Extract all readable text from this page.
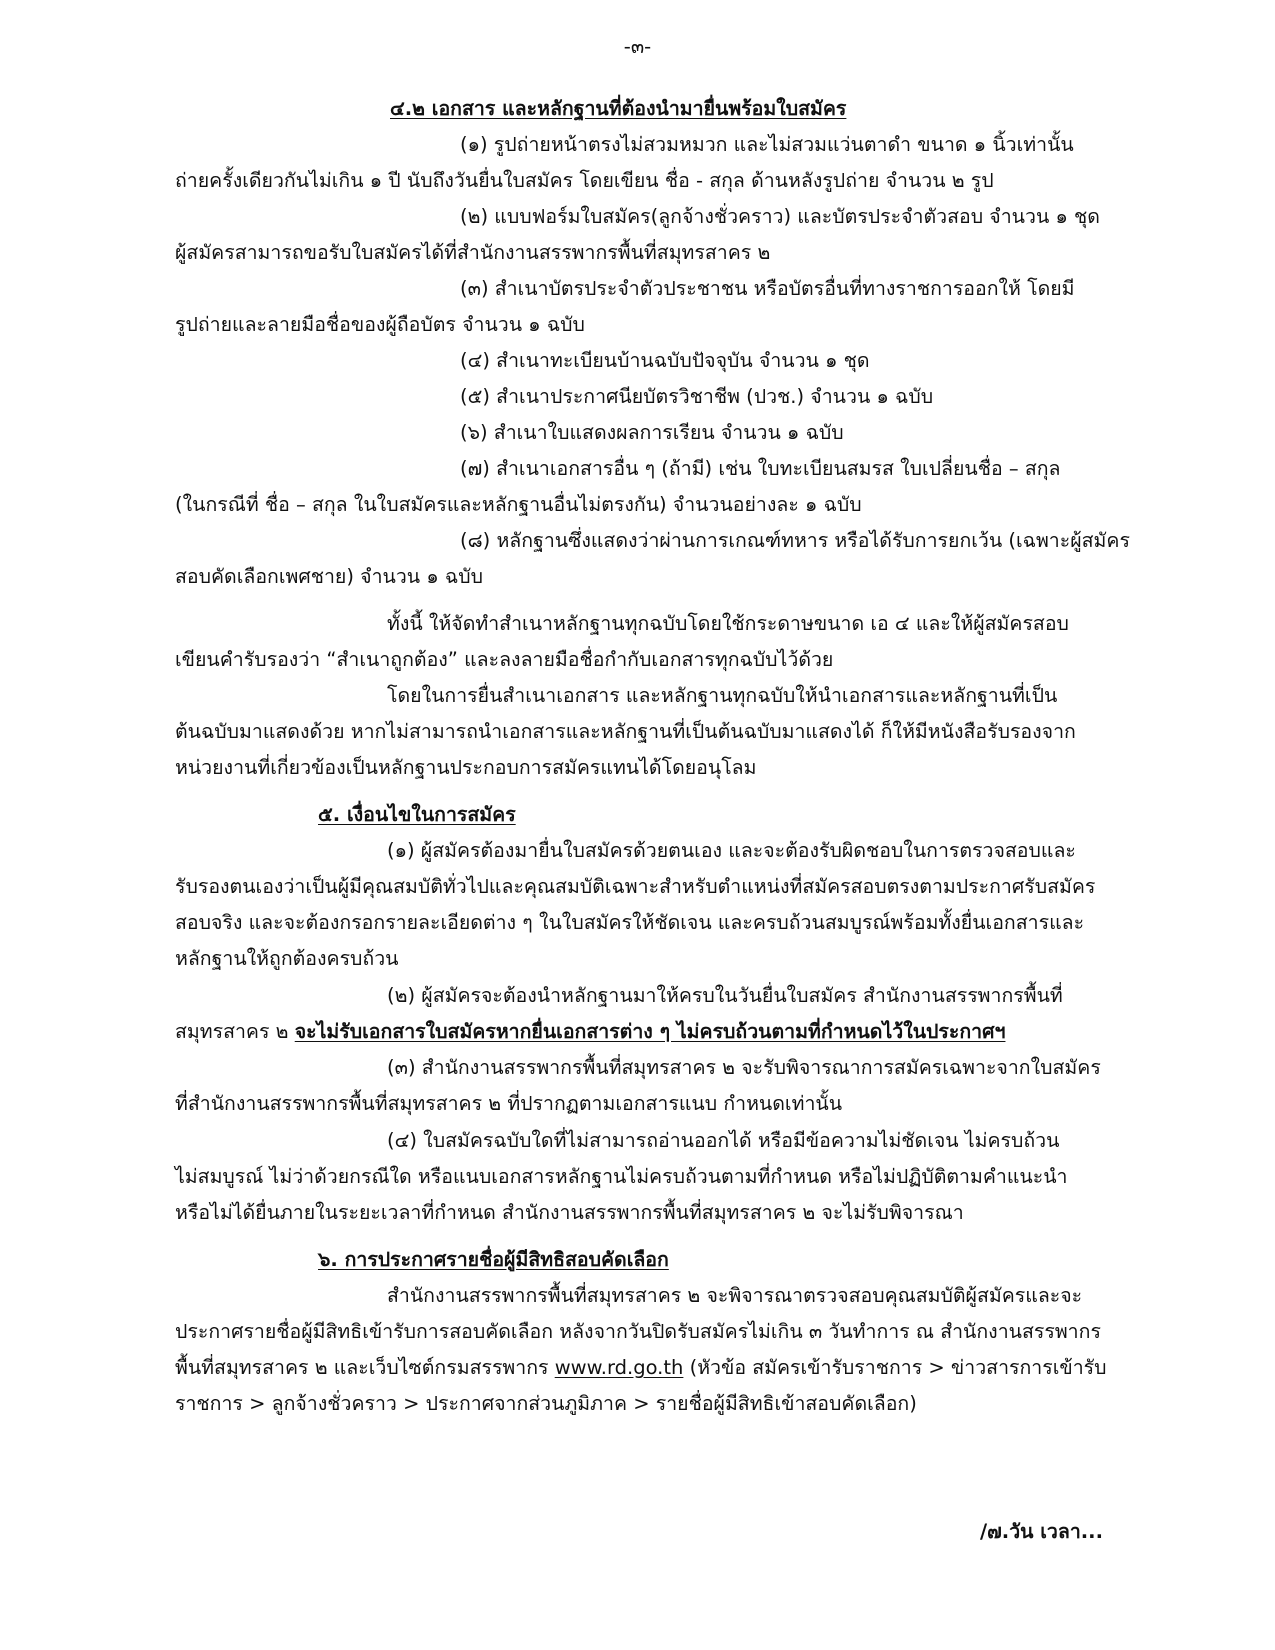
-๓-
๔.๒ เอกสาร และหลักฐานที่ต้องนำมายื่นพร้อมใบสมัคร
(๑) รูปถ่ายหน้าตรงไม่สวมหมวก และไม่สวมแว่นตาดำ ขนาด ๑ นิ้วเท่านั้น
ถ่ายครั้งเดียวกันไม่เกิน ๑ ปี นับถึงวันยื่นใบสมัคร โดยเขียน ชื่อ - สกุล ด้านหลังรูปถ่าย จำนวน ๒ รูป
(๒) แบบฟอร์มใบสมัคร(ลูกจ้างชั่วคราว) และบัตรประจำตัวสอบ จำนวน ๑ ชุด
ผู้สมัครสามารถขอรับใบสมัครได้ที่สำนักงานสรรพากรพื้นที่สมุทรสาคร ๒
(๓) สำเนาบัตรประจำตัวประชาชน หรือบัตรอื่นที่ทางราชการออกให้ โดยมี
รูปถ่ายและลายมือชื่อของผู้ถือบัตร จำนวน ๑ ฉบับ
(๔) สำเนาทะเบียนบ้านฉบับปัจจุบัน จำนวน ๑ ชุด
(๕) สำเนาประกาศนียบัตรวิชาชีพ (ปวช.) จำนวน ๑ ฉบับ
(๖) สำเนาใบแสดงผลการเรียน จำนวน ๑ ฉบับ
(๗) สำเนาเอกสารอื่น ๆ (ถ้ามี) เช่น ใบทะเบียนสมรส ใบเปลี่ยนชื่อ – สกุล
(ในกรณีที่ ชื่อ – สกุล ในใบสมัครและหลักฐานอื่นไม่ตรงกัน) จำนวนอย่างละ ๑ ฉบับ
(๘) หลักฐานซึ่งแสดงว่าผ่านการเกณฑ์ทหาร หรือได้รับการยกเว้น (เฉพาะผู้สมัคร
สอบคัดเลือกเพศชาย) จำนวน ๑ ฉบับ
ทั้งนี้ ให้จัดทำสำเนาหลักฐานทุกฉบับโดยใช้กระดาษขนาด เอ ๔ และให้ผู้สมัครสอบ
เขียนคำรับรองว่า “สำเนาถูกต้อง” และลงลายมือชื่อกำกับเอกสารทุกฉบับไว้ด้วย
โดยในการยื่นสำเนาเอกสาร และหลักฐานทุกฉบับให้นำเอกสารและหลักฐานที่เป็น
ต้นฉบับมาแสดงด้วย หากไม่สามารถนำเอกสารและหลักฐานที่เป็นต้นฉบับมาแสดงได้ ก็ให้มีหนังสือรับรองจาก
หน่วยงานที่เกี่ยวข้องเป็นหลักฐานประกอบการสมัครแทนได้โดยอนุโลม
๕. เงื่อนไขในการสมัคร
(๑) ผู้สมัครต้องมายื่นใบสมัครด้วยตนเอง และจะต้องรับผิดชอบในการตรวจสอบและ
รับรองตนเองว่าเป็นผู้มีคุณสมบัติทั่วไปและคุณสมบัติเฉพาะสำหรับตำแหน่งที่สมัครสอบตรงตามประกาศรับสมัคร
สอบจริง และจะต้องกรอกรายละเอียดต่าง ๆ ในใบสมัครให้ชัดเจน และครบถ้วนสมบูรณ์พร้อมทั้งยื่นเอกสารและ
หลักฐานให้ถูกต้องครบถ้วน
(๒) ผู้สมัครจะต้องนำหลักฐานมาให้ครบในวันยื่นใบสมัคร สำนักงานสรรพากรพื้นที่
สมุทรสาคร ๒ จะไม่รับเอกสารใบสมัครหากยื่นเอกสารต่าง ๆ ไม่ครบถ้วนตามที่กำหนดไว้ในประกาศฯ
(๓) สำนักงานสรรพากรพื้นที่สมุทรสาคร ๒ จะรับพิจารณาการสมัครเฉพาะจากใบสมัคร
ที่สำนักงานสรรพากรพื้นที่สมุทรสาคร ๒ ที่ปรากฏตามเอกสารแนบ กำหนดเท่านั้น
(๔) ใบสมัครฉบับใดที่ไม่สามารถอ่านออกได้ หรือมีข้อความไม่ชัดเจน ไม่ครบถ้วน
ไม่สมบูรณ์ ไม่ว่าด้วยกรณีใด หรือแนบเอกสารหลักฐานไม่ครบถ้วนตามที่กำหนด หรือไม่ปฏิบัติตามคำแนะนำ
หรือไม่ได้ยื่นภายในระยะเวลาที่กำหนด สำนักงานสรรพากรพื้นที่สมุทรสาคร ๒ จะไม่รับพิจารณา
๖. การประกาศรายชื่อผู้มีสิทธิสอบคัดเลือก
สำนักงานสรรพากรพื้นที่สมุทรสาคร ๒ จะพิจารณาตรวจสอบคุณสมบัติผู้สมัครและจะ
ประกาศรายชื่อผู้มีสิทธิเข้ารับการสอบคัดเลือก หลังจากวันปิดรับสมัครไม่เกิน ๓ วันทำการ ณ สำนักงานสรรพากร
พื้นที่สมุทรสาคร ๒ และเว็บไซต์กรมสรรพากร www.rd.go.th (หัวข้อ สมัครเข้ารับราชการ > ข่าวสารการเข้ารับ
ราชการ > ลูกจ้างชั่วคราว > ประกาศจากส่วนภูมิภาค > รายชื่อผู้มีสิทธิเข้าสอบคัดเลือก)
/๗.วัน เวลา...
